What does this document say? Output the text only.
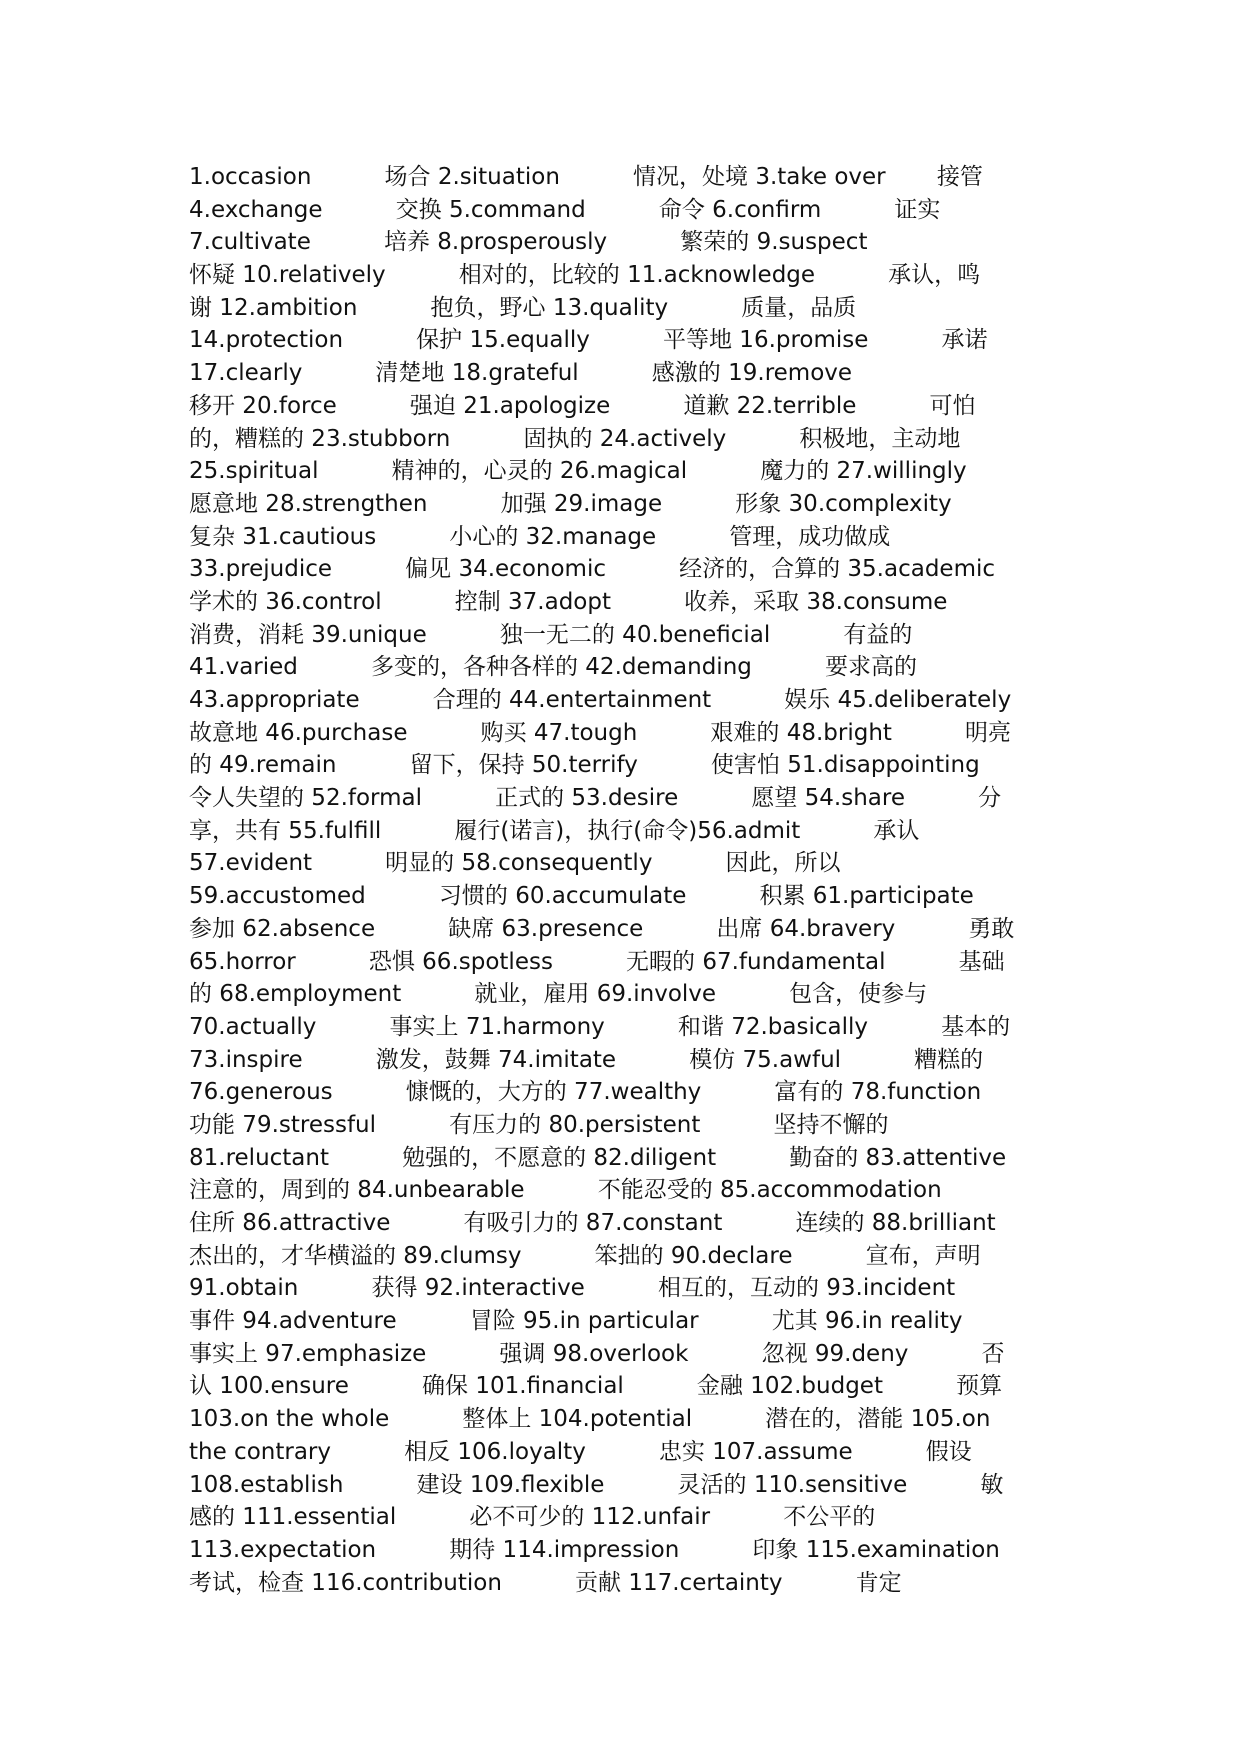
1.occasion          场合 2.situation          情况，处境 3.take over       接管
4.exchange          交换 5.command          命令 6.confirm          证实
7.cultivate          培养 8.prosperously          繁荣的 9.suspect
怀疑 10.relatively          相对的，比较的 11.acknowledge          承认，鸣
谢 12.ambition          抱负，野心 13.quality          质量，品质
14.protection          保护 15.equally          平等地 16.promise          承诺
17.clearly          清楚地 18.grateful          感激的 19.remove
移开 20.force          强迫 21.apologize          道歉 22.terrible          可怕
的，糟糕的 23.stubborn          固执的 24.actively          积极地，主动地
25.spiritual          精神的，心灵的 26.magical          魔力的 27.willingly
愿意地 28.strengthen          加强 29.image          形象 30.complexity
复杂 31.cautious          小心的 32.manage          管理，成功做成
33.prejudice          偏见 34.economic          经济的，合算的 35.academic
学术的 36.control          控制 37.adopt          收养，采取 38.consume
消费，消耗 39.unique          独一无二的 40.beneficial          有益的
41.varied          多变的，各种各样的 42.demanding          要求高的
43.appropriate          合理的 44.entertainment          娱乐 45.deliberately
故意地 46.purchase          购买 47.tough          艰难的 48.bright          明亮
的 49.remain          留下，保持 50.terrify          使害怕 51.disappointing
令人失望的 52.formal          正式的 53.desire          愿望 54.share          分
享，共有 55.fulfill          履行(诺言)，执行(命令)56.admit          承认
57.evident          明显的 58.consequently          因此，所以
59.accustomed          习惯的 60.accumulate          积累 61.participate
参加 62.absence          缺席 63.presence          出席 64.bravery          勇敢
65.horror          恐惧 66.spotless          无暇的 67.fundamental          基础
的 68.employment          就业，雇用 69.involve          包含，使参与
70.actually          事实上 71.harmony          和谐 72.basically          基本的
73.inspire          激发，鼓舞 74.imitate          模仿 75.awful          糟糕的
76.generous          慷慨的，大方的 77.wealthy          富有的 78.function
功能 79.stressful          有压力的 80.persistent          坚持不懈的
81.reluctant          勉强的，不愿意的 82.diligent          勤奋的 83.attentive
注意的，周到的 84.unbearable          不能忍受的 85.accommodation
住所 86.attractive          有吸引力的 87.constant          连续的 88.brilliant
杰出的，才华横溢的 89.clumsy          笨拙的 90.declare          宣布，声明
91.obtain          获得 92.interactive          相互的，互动的 93.incident
事件 94.adventure          冒险 95.in particular          尤其 96.in reality
事实上 97.emphasize          强调 98.overlook          忽视 99.deny          否
认 100.ensure          确保 101.financial          金融 102.budget          预算
103.on the whole          整体上 104.potential          潜在的，潜能 105.on
the contrary          相反 106.loyalty          忠实 107.assume          假设
108.establish          建设 109.flexible          灵活的 110.sensitive          敏
感的 111.essential          必不可少的 112.unfair          不公平的
113.expectation          期待 114.impression          印象 115.examination
考试，检查 116.contribution          贡献 117.certainty          肯定
